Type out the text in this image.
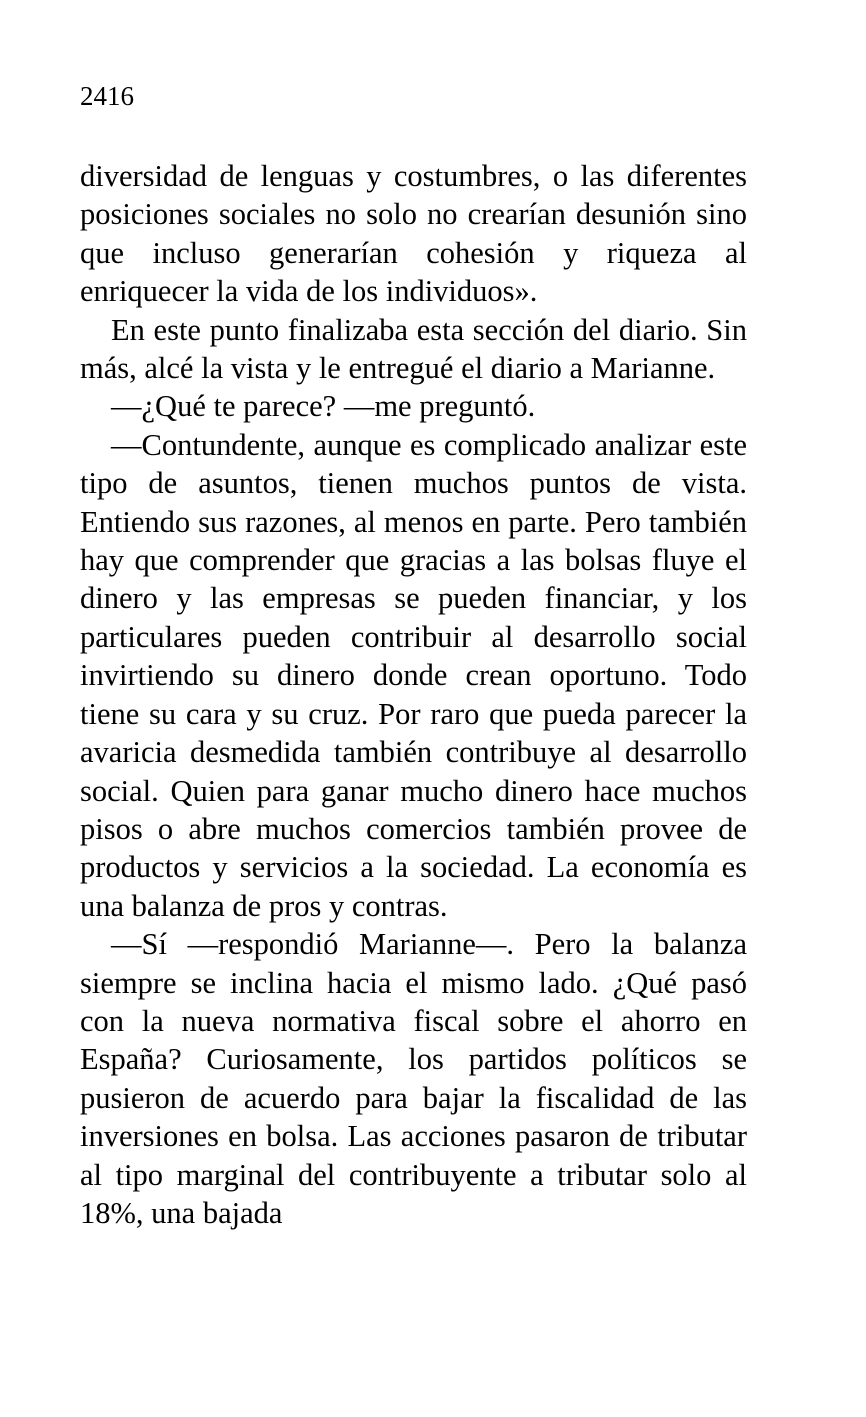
2416

diversidad de lenguas y costumbres, o las diferentes posiciones sociales no solo no crearían desunión sino que incluso generarían cohesión y riqueza al enriquecer la vida de los individuos».

En este punto finalizaba esta sección del diario. Sin más, alcé la vista y le entregué el diario a Marianne.

—¿Qué te parece? —me preguntó.

—Contundente, aunque es complicado analizar este tipo de asuntos, tienen muchos puntos de vista. Entiendo sus razones, al menos en parte. Pero también hay que comprender que gracias a las bolsas fluye el dinero y las empresas se pueden financiar, y los particulares pueden contribuir al desarrollo social invirtiendo su dinero donde crean oportuno. Todo tiene su cara y su cruz. Por raro que pueda parecer la avaricia desmedida también contribuye al desarrollo social. Quien para ganar mucho dinero hace muchos pisos o abre muchos comercios también provee de productos y servicios a la sociedad. La economía es una balanza de pros y contras.

—Sí —respondió Marianne—. Pero la balanza siempre se inclina hacia el mismo lado. ¿Qué pasó con la nueva normativa fiscal sobre el ahorro en España? Curiosamente, los partidos políticos se pusieron de acuerdo para bajar la fiscalidad de las inversiones en bolsa. Las acciones pasaron de tributar al tipo marginal del contribuyente a tributar solo al 18%, una bajada
